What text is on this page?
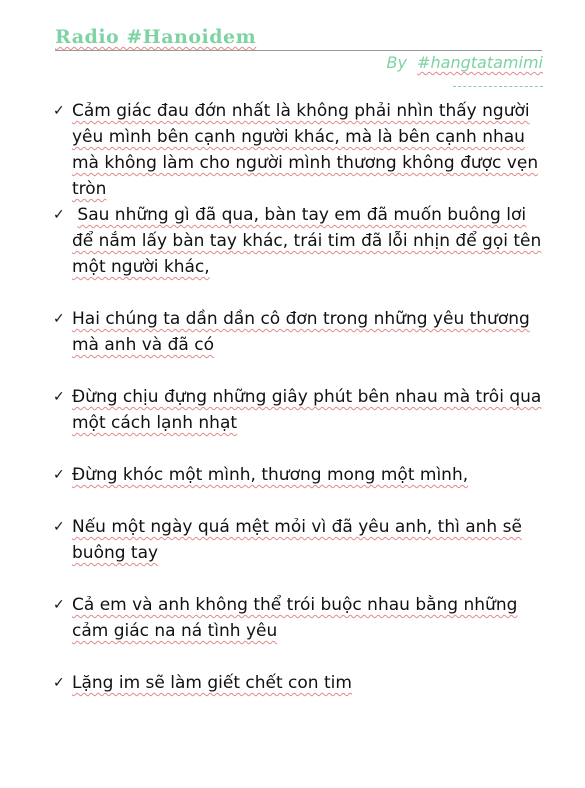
Radio #Hanoidem
By #hangtatamimi
✓ Cảm giác đau đớn nhất là không phải nhìn thấy người yêu mình bên cạnh người khác, mà là bên cạnh nhau mà không làm cho người mình thương không được vẹn tròn
✓ Sau những gì đã qua, bàn tay em đã muốn buông lơi để nắm lấy bàn tay khác, trái tim đã lỗi nhịn để gọi tên một người khác,
✓ Hai chúng ta dần dần cô đơn trong những yêu thương mà anh và đã có
✓ Đừng chịu đựng những giây phút bên nhau mà trôi qua một cách lạnh nhạt
✓ Đừng khóc một mình, thương mong một mình,
✓ Nếu một ngày quá mệt mỏi vì đã yêu anh, thì anh sẽ buông tay
✓ Cả em và anh không thể trói buộc nhau bằng những cảm giác na ná tình yêu
✓ Lặng im sẽ làm giết chết con tim
